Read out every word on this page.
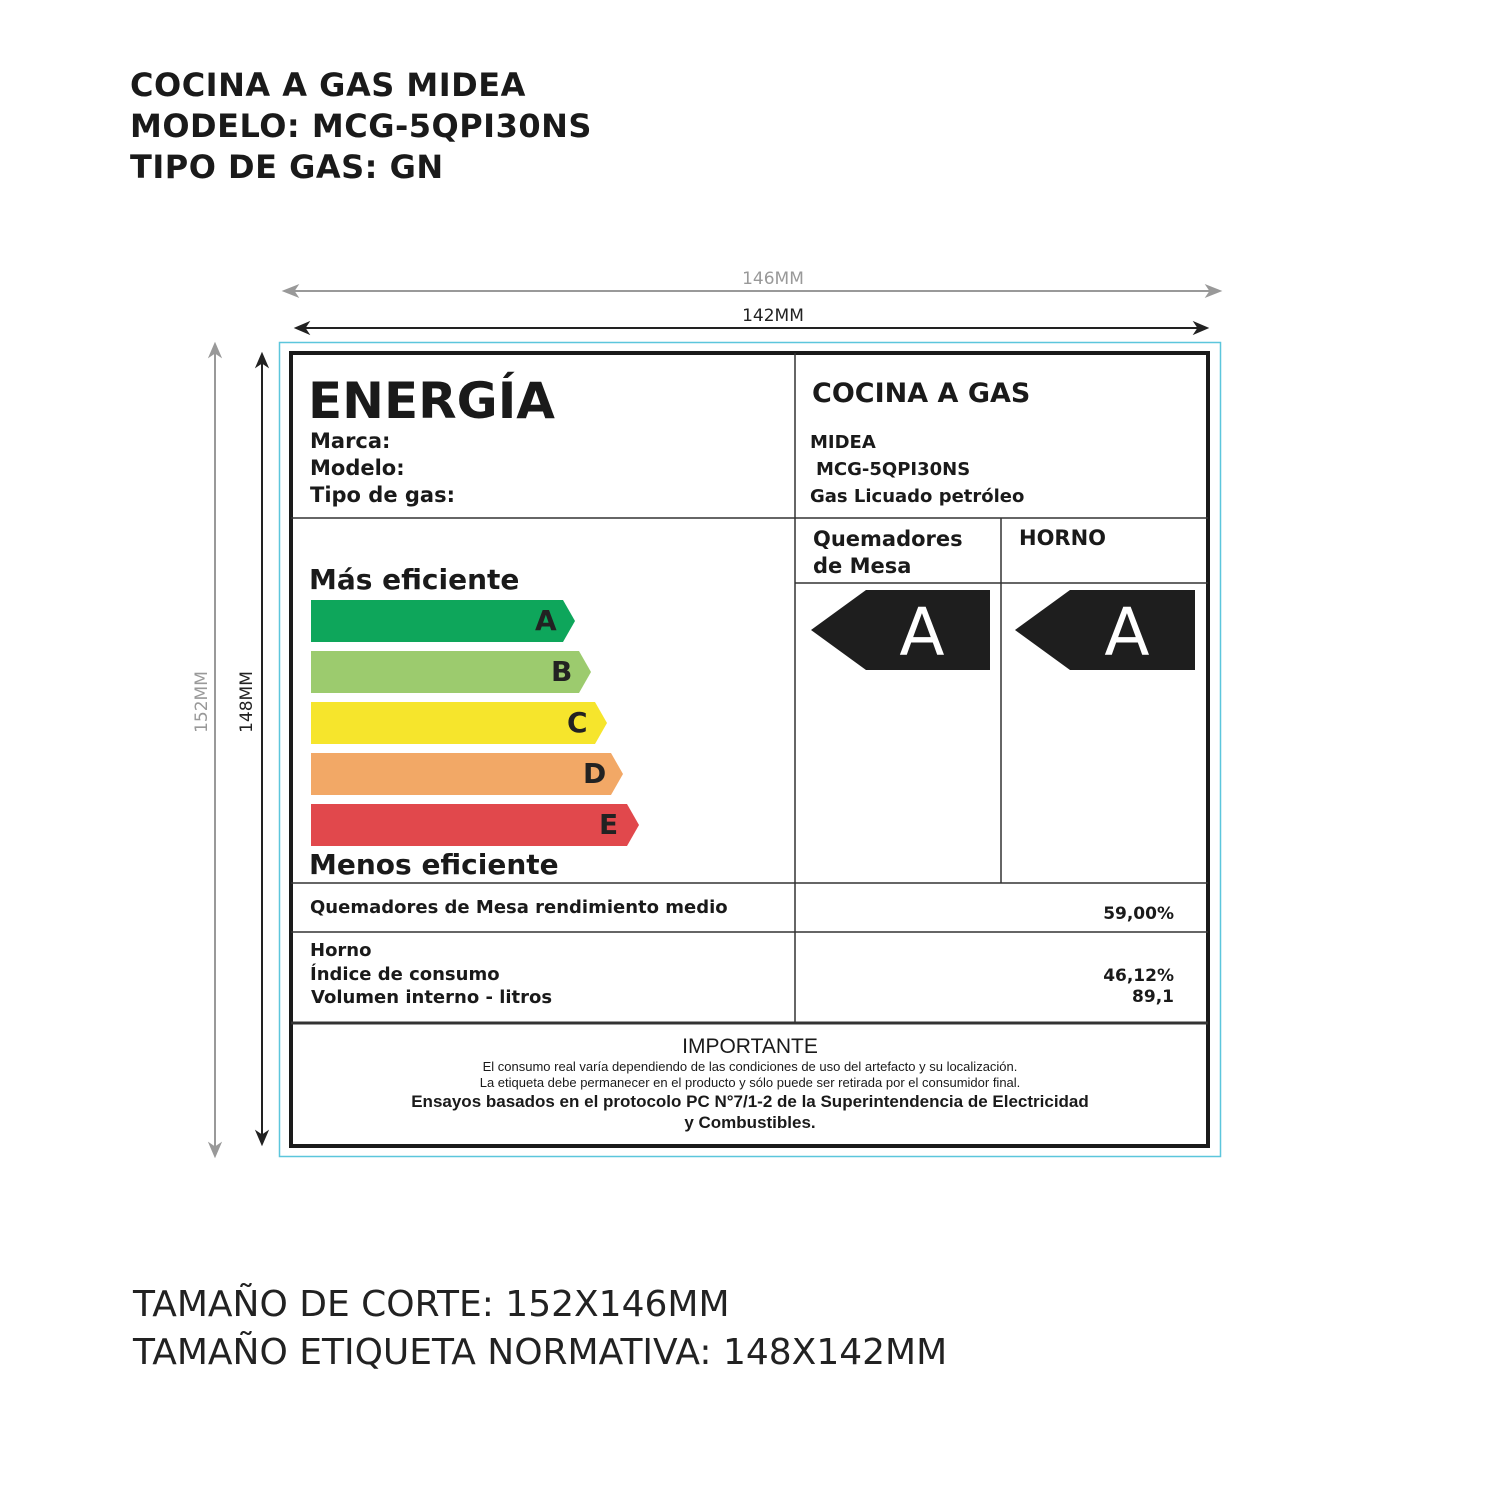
COCINA A GAS MIDEA
MODELO: MCG-5QPI30NS
TIPO DE GAS: GN
146MM
142MM
152MM 148MM
ENERGÍA
Marca:
Modelo:
Tipo de gas:
COCINA A GAS
MIDEA
MCG-5QPI30NS
Gas Licuado petróleo
Más eficiente
Menos eficiente
A
B
C
D
E
Quemadores de Mesa
HORNO
A A
Quemadores de Mesa rendimiento medio	59,00%
Horno
Índice de consumo
Volumen interno - litros
46,12%
89,1
IMPORTANTE
El consumo real varía dependiendo de las condiciones de uso del artefacto y su localización.
La etiqueta debe permanecer en el producto y sólo puede ser retirada por el consumidor final.
Ensayos basados en el protocolo PC N°7/1-2 de la Superintendencia de Electricidad
y Combustibles.
TAMAÑO DE CORTE: 152X146MM
TAMAÑO ETIQUETA NORMATIVA: 148X142MM
